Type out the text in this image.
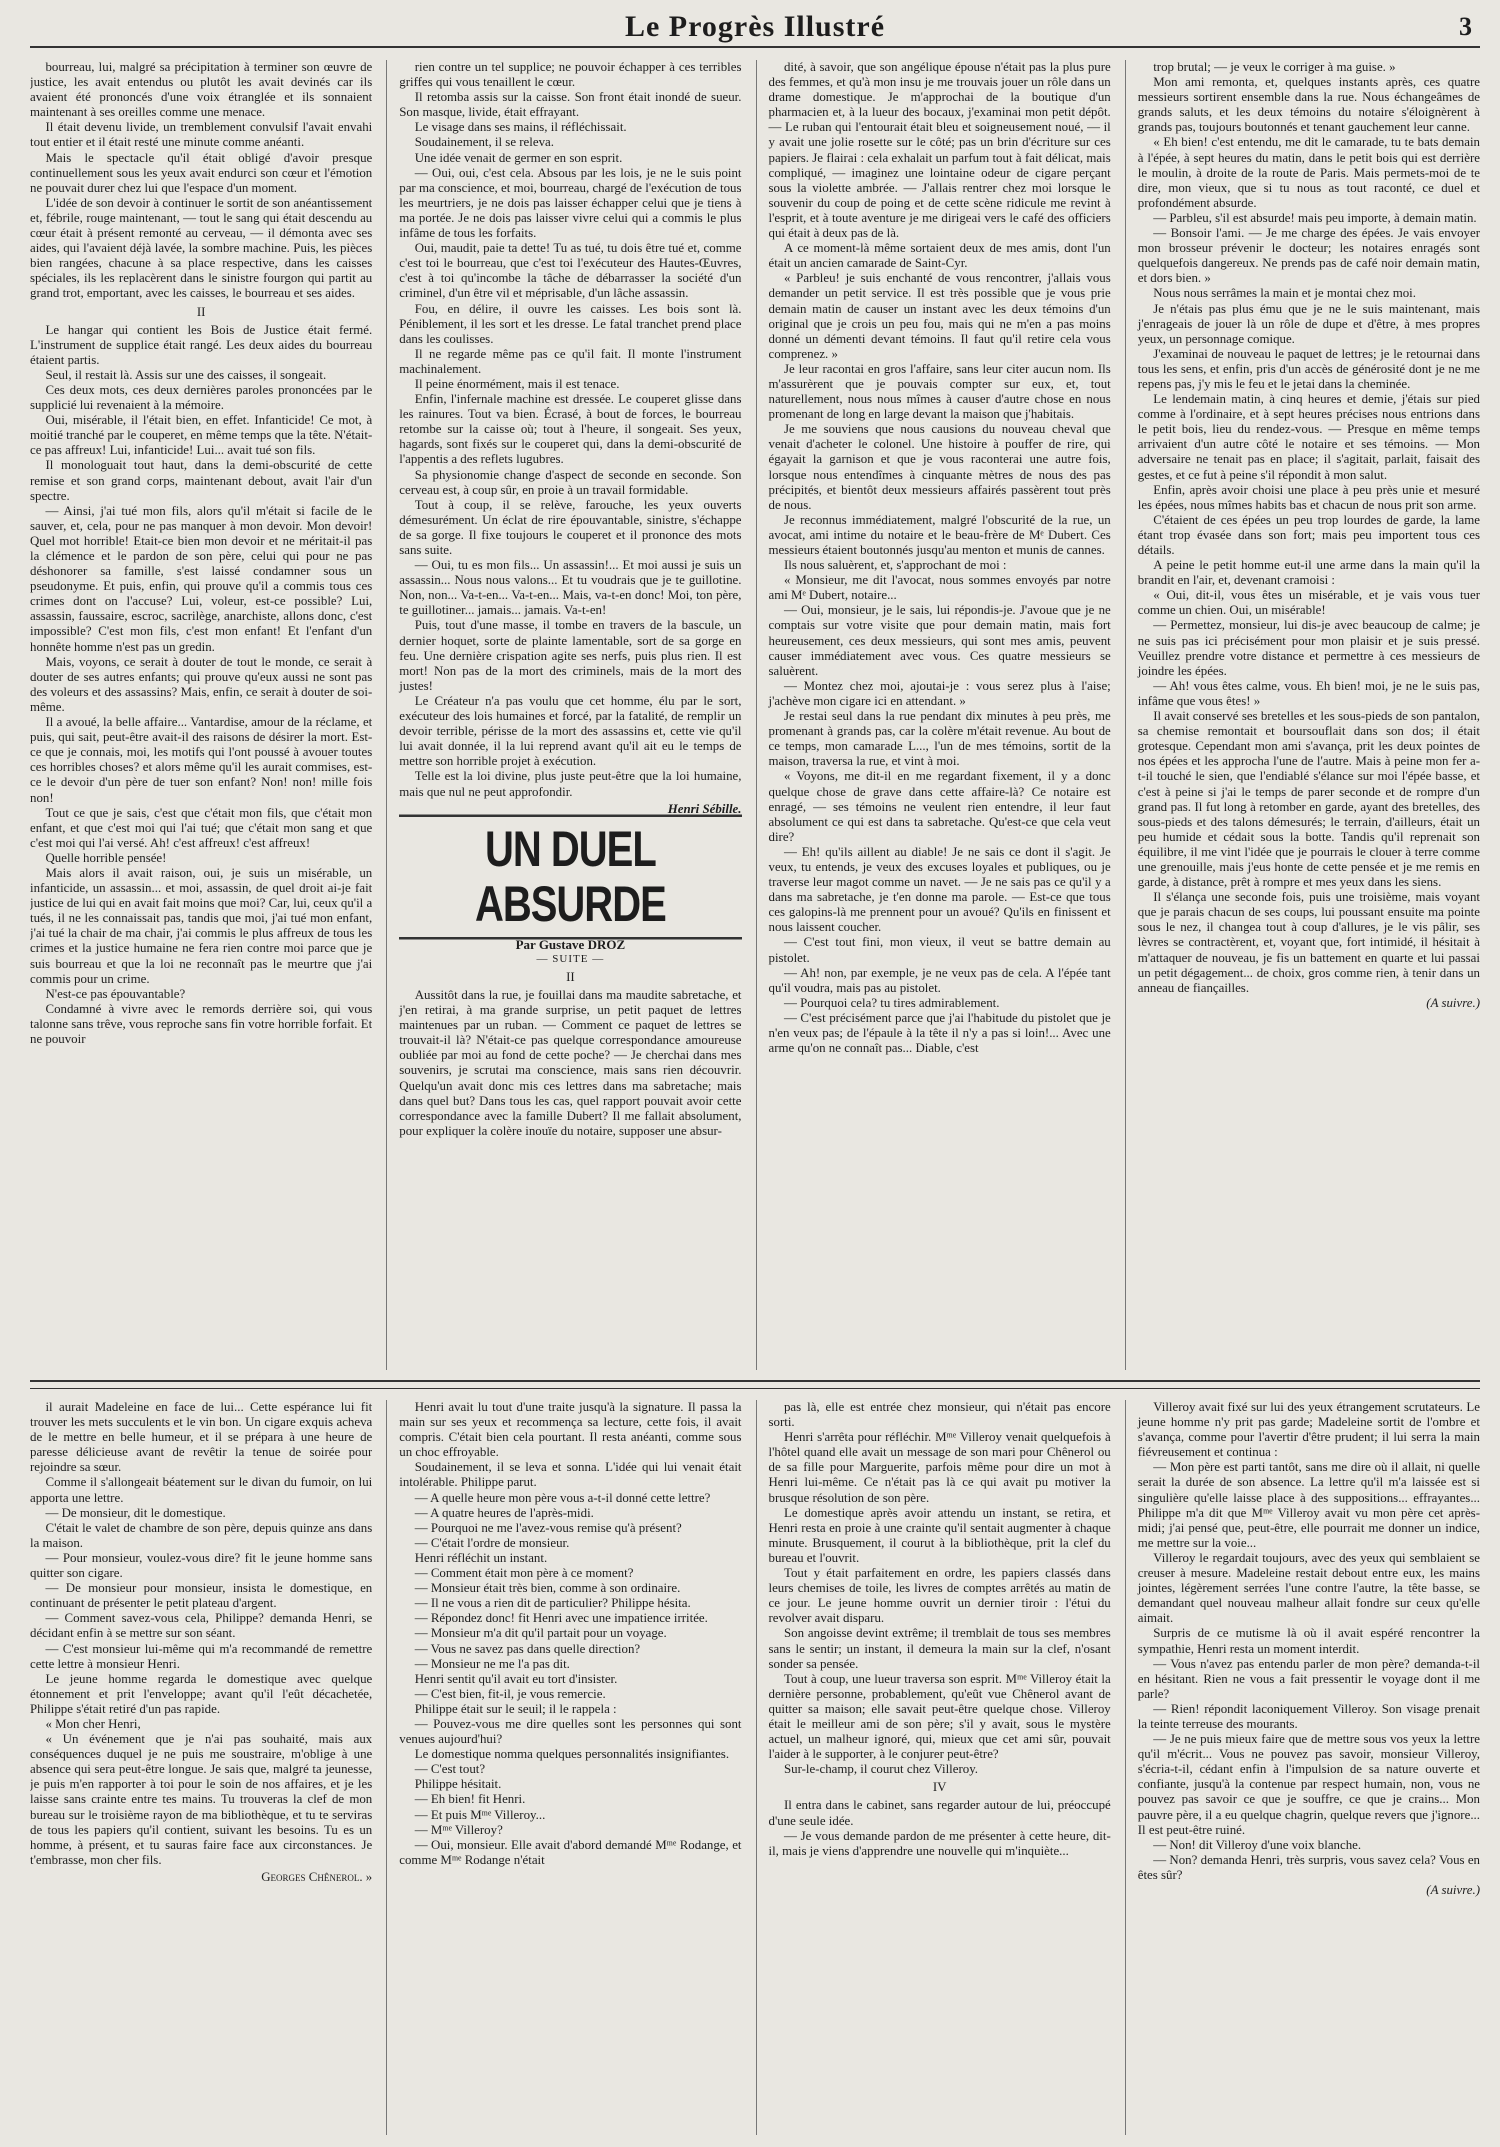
Le Progrès Illustré	3

bourreau, lui, malgré sa précipitation à terminer son œuvre de justice, les avait entendus ou plutôt les avait devinés car ils avaient été prononcés d'une voix étranglée et ils sonnaient maintenant à ses oreilles comme une menace.

Il était devenu livide, un tremblement convulsif l'avait envahi tout entier et il était resté une minute comme anéanti.

Mais le spectacle qu'il était obligé d'avoir presque continuellement sous les yeux avait endurci son cœur et l'émotion ne pouvait durer chez lui que l'espace d'un moment.

L'idée de son devoir à continuer le sortit de son anéantissement et, fébrile, rouge maintenant, — tout le sang qui était descendu au cœur était à présent remonté au cerveau, — il démonta avec ses aides, qui l'avaient déjà lavée, la sombre machine. Puis, les pièces bien rangées, chacune à sa place respective, dans les caisses spéciales, ils les replacèrent dans le sinistre fourgon qui partit au grand trot, emportant, avec les caisses, le bourreau et ses aides.

II

Le hangar qui contient les Bois de Justice était fermé. L'instrument de supplice était rangé. Les deux aides du bourreau étaient partis.

Seul, il restait là. Assis sur une des caisses, il songeait.

Ces deux mots, ces deux dernières paroles prononcées par le supplicié lui revenaient à la mémoire.

Oui, misérable, il l'était bien, en effet. Infanticide! Ce mot, à moitié tranché par le couperet, en même temps que la tête. N'était-ce pas affreux! Lui, infanticide! Lui... avait tué son fils.

Il monologuait tout haut, dans la demi-obscurité de cette remise et son grand corps, maintenant debout, avait l'air d'un spectre.

— Ainsi, j'ai tué mon fils, alors qu'il m'était si facile de le sauver, et, cela, pour ne pas manquer à mon devoir. Mon devoir! Quel mot horrible! Etait-ce bien mon devoir et ne méritait-il pas la clémence et le pardon de son père, celui qui pour ne pas déshonorer sa famille, s'est laissé condamner sous un pseudonyme. Et puis, enfin, qui prouve qu'il a commis tous ces crimes dont on l'accuse? Lui, voleur, est-ce possible? Lui, assassin, faussaire, escroc, sacrilège, anarchiste, allons donc, c'est impossible? C'est mon fils, c'est mon enfant! Et l'enfant d'un honnête homme n'est pas un gredin.

Mais, voyons, ce serait à douter de tout le monde, ce serait à douter de ses autres enfants; qui prouve qu'eux aussi ne sont pas des voleurs et des assassins? Mais, enfin, ce serait à douter de soi-même.

Il a avoué, la belle affaire... Vantardise, amour de la réclame, et puis, qui sait, peut-être avait-il des raisons de désirer la mort. Est-ce que je connais, moi, les motifs qui l'ont poussé à avouer toutes ces horribles choses? et alors même qu'il les aurait commises, est-ce le devoir d'un père de tuer son enfant? Non! non! mille fois non!

Tout ce que je sais, c'est que c'était mon fils, que c'était mon enfant, et que c'est moi qui l'ai tué; que c'était mon sang et que c'est moi qui l'ai versé. Ah! c'est affreux! c'est affreux!

Quelle horrible pensée!

Mais alors il avait raison, oui, je suis un misérable, un infanticide, un assassin... et moi, assassin, de quel droit ai-je fait justice de lui qui en avait fait moins que moi? Car, lui, ceux qu'il a tués, il ne les connaissait pas, tandis que moi, j'ai tué mon enfant, j'ai tué la chair de ma chair, j'ai commis le plus affreux de tous les crimes et la justice humaine ne fera rien contre moi parce que je suis bourreau et que la loi ne reconnaît pas le meurtre que j'ai commis pour un crime.

N'est-ce pas épouvantable?

Condamné à vivre avec le remords derrière soi, qui vous talonne sans trêve, vous reproche sans fin votre horrible forfait. Et ne pouvoir

rien contre un tel supplice; ne pouvoir échapper à ces terribles griffes qui vous tenaillent le cœur.

Il retomba assis sur la caisse. Son front était inondé de sueur. Son masque, livide, était effrayant.

Le visage dans ses mains, il réfléchissait.

Soudainement, il se releva.

Une idée venait de germer en son esprit.

— Oui, oui, c'est cela. Absous par les lois, je ne le suis point par ma conscience, et moi, bourreau, chargé de l'exécution de tous les meurtriers, je ne dois pas laisser échapper celui que je tiens à ma portée. Je ne dois pas laisser vivre celui qui a commis le plus infâme de tous les forfaits.

Oui, maudit, paie ta dette! Tu as tué, tu dois être tué et, comme c'est toi le bourreau, que c'est toi l'exécuteur des Hautes-Œuvres, c'est à toi qu'incombe la tâche de débarrasser la société d'un criminel, d'un être vil et méprisable, d'un lâche assassin.

Fou, en délire, il ouvre les caisses. Les bois sont là. Péniblement, il les sort et les dresse. Le fatal tranchet prend place dans les coulisses.

Il ne regarde même pas ce qu'il fait. Il monte l'instrument machinalement.

Il peine énormément, mais il est tenace.

Enfin, l'infernale machine est dressée. Le couperet glisse dans les rainures. Tout va bien. Écrasé, à bout de forces, le bourreau retombe sur la caisse où; tout à l'heure, il songeait. Ses yeux, hagards, sont fixés sur le couperet qui, dans la demi-obscurité de l'appentis a des reflets lugubres.

Sa physionomie change d'aspect de seconde en seconde. Son cerveau est, à coup sûr, en proie à un travail formidable.

Tout à coup, il se relève, farouche, les yeux ouverts démesurément. Un éclat de rire épouvantable, sinistre, s'échappe de sa gorge. Il fixe toujours le couperet et il prononce des mots sans suite.

— Oui, tu es mon fils... Un assassin!... Et moi aussi je suis un assassin... Nous nous valons... Et tu voudrais que je te guillotine. Non, non... Va-t-en... Va-t-en... Mais, va-t-en donc! Moi, ton père, te guillotiner... jamais... jamais. Va-t-en!

Puis, tout d'une masse, il tombe en travers de la bascule, un dernier hoquet, sorte de plainte lamentable, sort de sa gorge en feu. Une dernière crispation agite ses nerfs, puis plus rien. Il est mort! Non pas de la mort des criminels, mais de la mort des justes!

Le Créateur n'a pas voulu que cet homme, élu par le sort, exécuteur des lois humaines et forcé, par la fatalité, de remplir un devoir terrible, périsse de la mort des assassins et, cette vie qu'il lui avait donnée, il la lui reprend avant qu'il ait eu le temps de mettre son horrible projet à exécution.

Telle est la loi divine, plus juste peut-être que la loi humaine, mais que nul ne peut approfondir.

Henri Sébille.
UN DUEL ABSURDE
Par Gustave DROZ
— SUITE —

II

Aussitôt dans la rue, je fouillai dans ma maudite sabretache, et j'en retirai, à ma grande surprise, un petit paquet de lettres maintenues par un ruban. — Comment ce paquet de lettres se trouvait-il là? N'était-ce pas quelque correspondance amoureuse oubliée par moi au fond de cette poche? — Je cherchai dans mes souvenirs, je scrutai ma conscience, mais sans rien découvrir. Quelqu'un avait donc mis ces lettres dans ma sabretache; mais dans quel but? Dans tous les cas, quel rapport pouvait avoir cette correspondance avec la famille Dubert? Il me fallait absolument, pour expliquer la colère inouïe du notaire, supposer une absur-

dité, à savoir, que son angélique épouse n'était pas la plus pure des femmes, et qu'à mon insu je me trouvais jouer un rôle dans un drame domestique. Je m'approchai de la boutique d'un pharmacien et, à la lueur des bocaux, j'examinai mon petit dépôt. — Le ruban qui l'entourait était bleu et soigneusement noué, — il y avait une jolie rosette sur le côté; pas un brin d'écriture sur ces papiers. Je flairai : cela exhalait un parfum tout à fait délicat, mais compliqué, — imaginez une lointaine odeur de cigare perçant sous la violette ambrée. — J'allais rentrer chez moi lorsque le souvenir du coup de poing et de cette scène ridicule me revint à l'esprit, et à toute aventure je me dirigeai vers le café des officiers qui était à deux pas de là.

A ce moment-là même sortaient deux de mes amis, dont l'un était un ancien camarade de Saint-Cyr.

« Parbleu! je suis enchanté de vous rencontrer, j'allais vous demander un petit service. Il est très possible que je vous prie demain matin de causer un instant avec les deux témoins d'un original que je crois un peu fou, mais qui ne m'en a pas moins donné un démenti devant témoins. Il faut qu'il retire cela vous comprenez. »

Je leur racontai en gros l'affaire, sans leur citer aucun nom. Ils m'assurèrent que je pouvais compter sur eux, et, tout naturellement, nous nous mîmes à causer d'autre chose en nous promenant de long en large devant la maison que j'habitais.

Je me souviens que nous causions du nouveau cheval que venait d'acheter le colonel. Une histoire à pouffer de rire, qui égayait la garnison et que je vous raconterai une autre fois, lorsque nous entendîmes à cinquante mètres de nous des pas précipités, et bientôt deux messieurs affairés passèrent tout près de nous.

Je reconnus immédiatement, malgré l'obscurité de la rue, un avocat, ami intime du notaire et le beau-frère de Mᵉ Dubert. Ces messieurs étaient boutonnés jusqu'au menton et munis de cannes.

Ils nous saluèrent, et, s'approchant de moi :

« Monsieur, me dit l'avocat, nous sommes envoyés par notre ami Mᵉ Dubert, notaire...

— Oui, monsieur, je le sais, lui répondis-je. J'avoue que je ne comptais sur votre visite que pour demain matin, mais fort heureusement, ces deux messieurs, qui sont mes amis, peuvent causer immédiatement avec vous. Ces quatre messieurs se saluèrent.

— Montez chez moi, ajoutai-je : vous serez plus à l'aise; j'achève mon cigare ici en attendant. »

Je restai seul dans la rue pendant dix minutes à peu près, me promenant à grands pas, car la colère m'était revenue. Au bout de ce temps, mon camarade L..., l'un de mes témoins, sortit de la maison, traversa la rue, et vint à moi.

« Voyons, me dit-il en me regardant fixement, il y a donc quelque chose de grave dans cette affaire-là? Ce notaire est enragé, — ses témoins ne veulent rien entendre, il leur faut absolument ce qui est dans ta sabretache. Qu'est-ce que cela veut dire?

— Eh! qu'ils aillent au diable! Je ne sais ce dont il s'agit. Je veux, tu entends, je veux des excuses loyales et publiques, ou je traverse leur magot comme un navet. — Je ne sais pas ce qu'il y a dans ma sabretache, je t'en donne ma parole. — Est-ce que tous ces galopins-là me prennent pour un avoué? Qu'ils en finissent et nous laissent coucher.

— C'est tout fini, mon vieux, il veut se battre demain au pistolet.

— Ah! non, par exemple, je ne veux pas de cela. A l'épée tant qu'il voudra, mais pas au pistolet.

— Pourquoi cela? tu tires admirablement.

— C'est précisément parce que j'ai l'habitude du pistolet que je n'en veux pas; de l'épaule à la tête il n'y a pas si loin!... Avec une arme qu'on ne connaît pas... Diable, c'est

trop brutal; — je veux le corriger à ma guise. »

Mon ami remonta, et, quelques instants après, ces quatre messieurs sortirent ensemble dans la rue. Nous échangeâmes de grands saluts, et les deux témoins du notaire s'éloignèrent à grands pas, toujours boutonnés et tenant gauchement leur canne.

« Eh bien! c'est entendu, me dit le camarade, tu te bats demain à l'épée, à sept heures du matin, dans le petit bois qui est derrière le moulin, à droite de la route de Paris. Mais permets-moi de te dire, mon vieux, que si tu nous as tout raconté, ce duel et profondément absurde.

— Parbleu, s'il est absurde! mais peu importe, à demain matin.

— Bonsoir l'ami. — Je me charge des épées. Je vais envoyer mon brosseur prévenir le docteur; les notaires enragés sont quelquefois dangereux. Ne prends pas de café noir demain matin, et dors bien. »

Nous nous serrâmes la main et je montai chez moi.

Je n'étais pas plus ému que je ne le suis maintenant, mais j'enrageais de jouer là un rôle de dupe et d'être, à mes propres yeux, un personnage comique.

J'examinai de nouveau le paquet de lettres; je le retournai dans tous les sens, et enfin, pris d'un accès de générosité dont je ne me repens pas, j'y mis le feu et le jetai dans la cheminée.

Le lendemain matin, à cinq heures et demie, j'étais sur pied comme à l'ordinaire, et à sept heures précises nous entrions dans le petit bois, lieu du rendez-vous. — Presque en même temps arrivaient d'un autre côté le notaire et ses témoins. — Mon adversaire ne tenait pas en place; il s'agitait, parlait, faisait des gestes, et ce fut à peine s'il répondit à mon salut.

Enfin, après avoir choisi une place à peu près unie et mesuré les épées, nous mîmes habits bas et chacun de nous prit son arme.

C'étaient de ces épées un peu trop lourdes de garde, la lame étant trop évasée dans son fort; mais peu importent tous ces détails.

A peine le petit homme eut-il une arme dans la main qu'il la brandit en l'air, et, devenant cramoisi :

« Oui, dit-il, vous êtes un misérable, et je vais vous tuer comme un chien. Oui, un misérable!

— Permettez, monsieur, lui dis-je avec beaucoup de calme; je ne suis pas ici précisément pour mon plaisir et je suis pressé. Veuillez prendre votre distance et permettre à ces messieurs de joindre les épées.

— Ah! vous êtes calme, vous. Eh bien! moi, je ne le suis pas, infâme que vous êtes! »

Il avait conservé ses bretelles et les sous-pieds de son pantalon, sa chemise remontait et boursouflait dans son dos; il était grotesque. Cependant mon ami s'avança, prit les deux pointes de nos épées et les approcha l'une de l'autre. Mais à peine mon fer a-t-il touché le sien, que l'endiablé s'élance sur moi l'épée basse, et c'est à peine si j'ai le temps de parer seconde et de rompre d'un grand pas. Il fut long à retomber en garde, ayant des bretelles, des sous-pieds et des talons démesurés; le terrain, d'ailleurs, était un peu humide et cédait sous la botte. Tandis qu'il reprenait son équilibre, il me vint l'idée que je pourrais le clouer à terre comme une grenouille, mais j'eus honte de cette pensée et je me remis en garde, à distance, prêt à rompre et mes yeux dans les siens.

Il s'élança une seconde fois, puis une troisième, mais voyant que je parais chacun de ses coups, lui poussant ensuite ma pointe sous le nez, il changea tout à coup d'allures, je le vis pâlir, ses lèvres se contractèrent, et, voyant que, fort intimidé, il hésitait à m'attaquer de nouveau, je fis un battement en quarte et lui passai un petit dégagement... de choix, gros comme rien, à tenir dans un anneau de fiançailles.

(A suivre.)

il aurait Madeleine en face de lui... Cette espérance lui fit trouver les mets succulents et le vin bon. Un cigare exquis acheva de le mettre en belle humeur, et il se prépara à une heure de paresse délicieuse avant de revêtir la tenue de soirée pour rejoindre sa sœur.

Comme il s'allongeait béatement sur le divan du fumoir, on lui apporta une lettre.

— De monsieur, dit le domestique.

C'était le valet de chambre de son père, depuis quinze ans dans la maison.

— Pour monsieur, voulez-vous dire? fit le jeune homme sans quitter son cigare.

— De monsieur pour monsieur, insista le domestique, en continuant de présenter le petit plateau d'argent.

— Comment savez-vous cela, Philippe? demanda Henri, se décidant enfin à se mettre sur son séant.

— C'est monsieur lui-même qui m'a recommandé de remettre cette lettre à monsieur Henri.

Le jeune homme regarda le domestique avec quelque étonnement et prit l'enveloppe; avant qu'il l'eût décachetée, Philippe s'était retiré d'un pas rapide.

« Mon cher Henri,

« Un événement que je n'ai pas souhaité, mais aux conséquences duquel je ne puis me soustraire, m'oblige à une absence qui sera peut-être longue. Je sais que, malgré ta jeunesse, je puis m'en rapporter à toi pour le soin de nos affaires, et je les laisse sans crainte entre tes mains. Tu trouveras la clef de mon bureau sur le troisième rayon de ma bibliothèque, et tu te serviras de tous les papiers qu'il contient, suivant les besoins. Tu es un homme, à présent, et tu sauras faire face aux circonstances. Je t'embrasse, mon cher fils.

Georges Chênerol. »

Henri avait lu tout d'une traite jusqu'à la signature. Il passa la main sur ses yeux et recommença sa lecture, cette fois, il avait compris. C'était bien cela pourtant. Il resta anéanti, comme sous un choc effroyable.

Soudainement, il se leva et sonna. L'idée qui lui venait était intolérable. Philippe parut.

— A quelle heure mon père vous a-t-il donné cette lettre?

— A quatre heures de l'après-midi.

— Pourquoi ne me l'avez-vous remise qu'à présent?

— C'était l'ordre de monsieur.

Henri réfléchit un instant.

— Comment était mon père à ce moment?

— Monsieur était très bien, comme à son ordinaire.

— Il ne vous a rien dit de particulier? Philippe hésita.

— Répondez donc! fit Henri avec une impatience irritée.

— Monsieur m'a dit qu'il partait pour un voyage.

— Vous ne savez pas dans quelle direction?

— Monsieur ne me l'a pas dit.

Henri sentit qu'il avait eu tort d'insister.

— C'est bien, fit-il, je vous remercie.

Philippe était sur le seuil; il le rappela :

— Pouvez-vous me dire quelles sont les personnes qui sont venues aujourd'hui?

Le domestique nomma quelques personnalités insignifiantes.

— C'est tout?

Philippe hésitait.

— Eh bien! fit Henri.

— Et puis Mᵐᵉ Villeroy...

— Mᵐᵉ Villeroy?

— Oui, monsieur. Elle avait d'abord demandé Mᵐᵉ Rodange, et comme Mᵐᵉ Rodange n'était

pas là, elle est entrée chez monsieur, qui n'était pas encore sorti.

Henri s'arrêta pour réfléchir. Mᵐᵉ Villeroy venait quelquefois à l'hôtel quand elle avait un message de son mari pour Chênerol ou de sa fille pour Marguerite, parfois même pour dire un mot à Henri lui-même. Ce n'était pas là ce qui avait pu motiver la brusque résolution de son père.

Le domestique après avoir attendu un instant, se retira, et Henri resta en proie à une crainte qu'il sentait augmenter à chaque minute. Brusquement, il courut à la bibliothèque, prit la clef du bureau et l'ouvrit.

Tout y était parfaitement en ordre, les papiers classés dans leurs chemises de toile, les livres de comptes arrêtés au matin de ce jour. Le jeune homme ouvrit un dernier tiroir : l'étui du revolver avait disparu.

Son angoisse devint extrême; il tremblait de tous ses membres sans le sentir; un instant, il demeura la main sur la clef, n'osant sonder sa pensée.

Tout à coup, une lueur traversa son esprit. Mᵐᵉ Villeroy était la dernière personne, probablement, qu'eût vue Chênerol avant de quitter sa maison; elle savait peut-être quelque chose. Villeroy était le meilleur ami de son père; s'il y avait, sous le mystère actuel, un malheur ignoré, qui, mieux que cet ami sûr, pouvait l'aider à le supporter, à le conjurer peut-être?

Sur-le-champ, il courut chez Villeroy.

IV

Il entra dans le cabinet, sans regarder autour de lui, préoccupé d'une seule idée.

— Je vous demande pardon de me présenter à cette heure, dit-il, mais je viens d'apprendre une nouvelle qui m'inquiète...

Villeroy avait fixé sur lui des yeux étrangement scrutateurs. Le jeune homme n'y prit pas garde; Madeleine sortit de l'ombre et s'avança, comme pour l'avertir d'être prudent; il lui serra la main fiévreusement et continua :

— Mon père est parti tantôt, sans me dire où il allait, ni quelle serait la durée de son absence. La lettre qu'il m'a laissée est si singulière qu'elle laisse place à des suppositions... effrayantes... Philippe m'a dit que Mᵐᵉ Villeroy avait vu mon père cet après-midi; j'ai pensé que, peut-être, elle pourrait me donner un indice, me mettre sur la voie...

Villeroy le regardait toujours, avec des yeux qui semblaient se creuser à mesure. Madeleine restait debout entre eux, les mains jointes, légèrement serrées l'une contre l'autre, la tête basse, se demandant quel nouveau malheur allait fondre sur ceux qu'elle aimait.

Surpris de ce mutisme là où il avait espéré rencontrer la sympathie, Henri resta un moment interdit.

— Vous n'avez pas entendu parler de mon père? demanda-t-il en hésitant. Rien ne vous a fait pressentir le voyage dont il me parle?

— Rien! répondit laconiquement Villeroy. Son visage prenait la teinte terreuse des mourants.

— Je ne puis mieux faire que de mettre sous vos yeux la lettre qu'il m'écrit... Vous ne pouvez pas savoir, monsieur Villeroy, s'écria-t-il, cédant enfin à l'impulsion de sa nature ouverte et confiante, jusqu'à la contenue par respect humain, non, vous ne pouvez pas savoir ce que je souffre, ce que je crains... Mon pauvre père, il a eu quelque chagrin, quelque revers que j'ignore... Il est peut-être ruiné.

— Non! dit Villeroy d'une voix blanche.

— Non? demanda Henri, très surpris, vous savez cela? Vous en êtes sûr?

(A suivre.)
